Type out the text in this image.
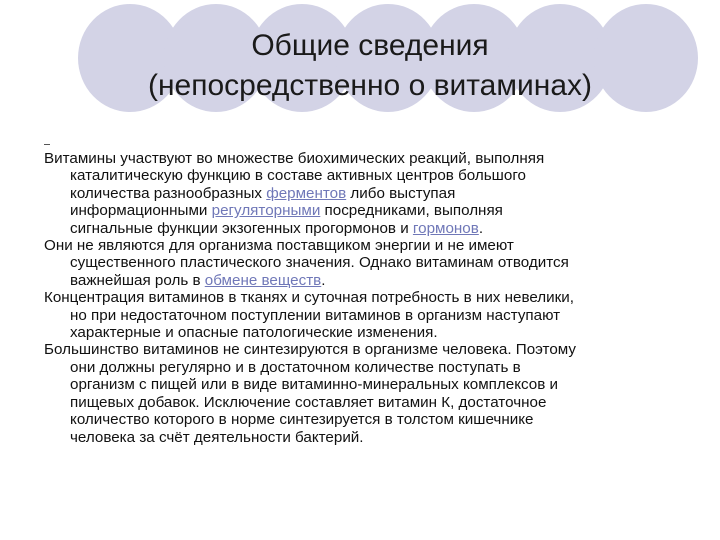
Общие сведения
(непосредственно о витаминах)
Витамины участвуют во множестве биохимических реакций, выполняя
каталитическую функцию в составе активных центров большого
количества разнообразных ферментов либо выступая
информационными регуляторными посредниками, выполняя
сигнальные функции экзогенных прогормонов и гормонов.
Они не являются для организма поставщиком энергии и не имеют
существенного пластического значения. Однако витаминам отводится
важнейшая роль в обмене веществ.
Концентрация витаминов в тканях и суточная потребность в них невелики,
но при недостаточном поступлении витаминов в организм наступают
характерные и опасные патологические изменения.
Большинство витаминов не синтезируются в организме человека. Поэтому
они должны регулярно и в достаточном количестве поступать в
организм с пищей или в виде витаминно-минеральных комплексов и
пищевых добавок. Исключение составляет витамин К, достаточное
количество которого в норме синтезируется в толстом кишечнике
человека за счёт деятельности бактерий.
